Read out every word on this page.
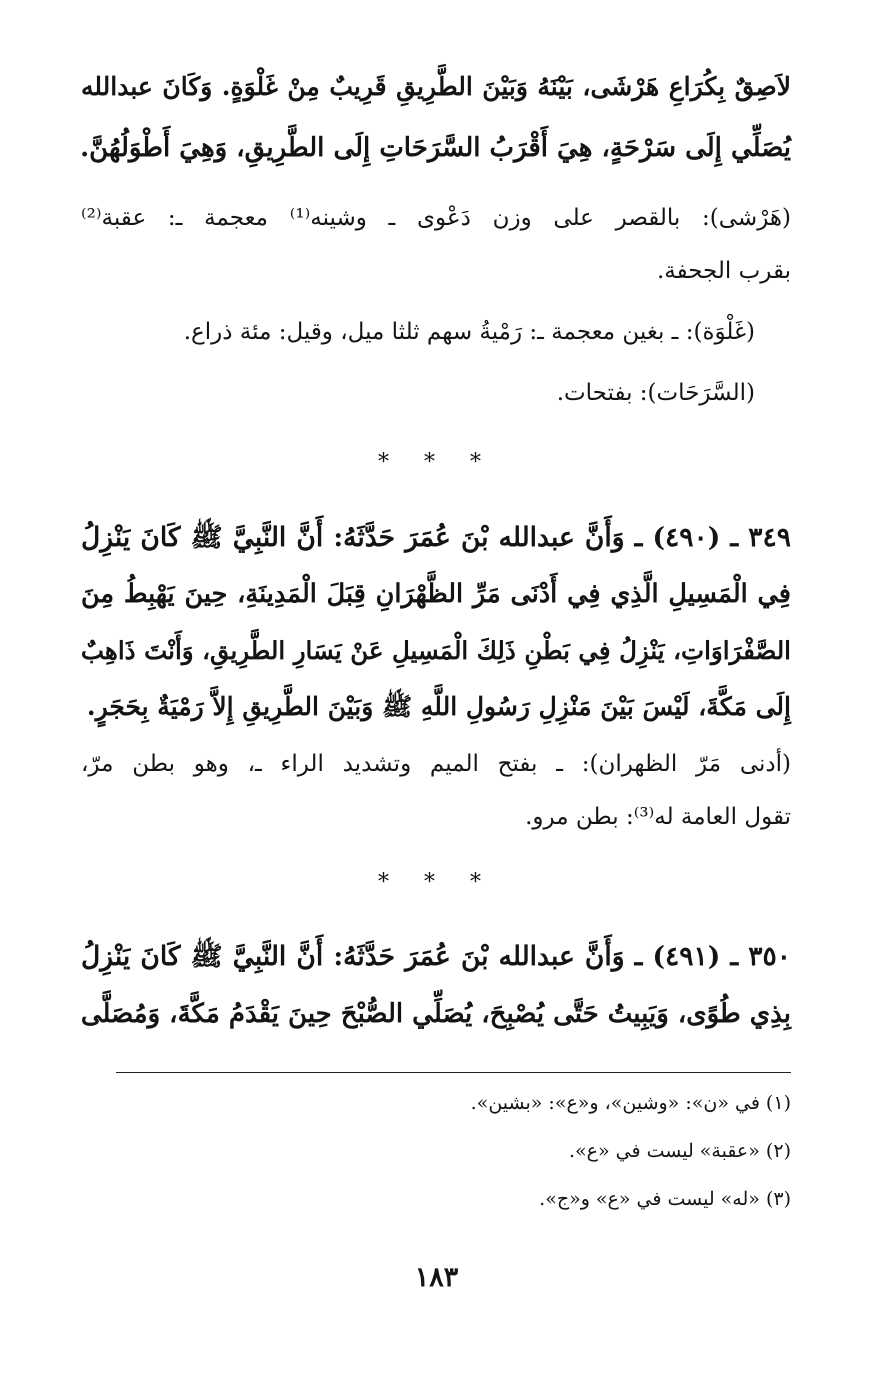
لاَصِقٌ بِكُرَاعِ هَرْشَى، بَيْنَهُ وَبَيْنَ الطَّرِيقِ قَرِيبٌ مِنْ غَلْوَةٍ. وَكَانَ عبدالله
يُصَلِّي إِلَى سَرْحَةٍ، هِيَ أَقْرَبُ السَّرَحَاتِ إِلَى الطَّرِيقِ، وَهِيَ أَطْوَلُهُنَّ.
(هَرْشى): بالقصر على وزن دَعْوى ـ وشينه⁽¹⁾ معجمة ـ: عقبة⁽²⁾
بقرب الجحفة.
(غَلْوَة): ـ بغين معجمة ـ: رَمْيةُ سهم ثلثا ميل، وقيل: مئة ذراع.
(السَّرَحَات): بفتحات.
* * *
٣٤٩ ـ (٤٩٠) ـ وَأَنَّ عبدالله بْنَ عُمَرَ حَدَّثَهُ: أَنَّ النَّبِيَّ ﷺ كَانَ يَنْزِلُ
فِي الْمَسِيلِ الَّذِي فِي أَدْنَى مَرِّ الظَّهْرَانِ قِبَلَ الْمَدِينَةِ، حِينَ يَهْبِطُ مِنَ
الصَّفْرَاوَاتِ، يَنْزِلُ فِي بَطْنِ ذَلِكَ الْمَسِيلِ عَنْ يَسَارِ الطَّرِيقِ، وَأَنْتَ ذَاهِبٌ
إِلَى مَكَّةَ، لَيْسَ بَيْنَ مَنْزِلِ رَسُولِ اللَّهِ ﷺ وَبَيْنَ الطَّرِيقِ إِلاَّ رَمْيَةٌ بِحَجَرٍ.
(أدنى مَرّ الظهران): ـ بفتح الميم وتشديد الراء ـ، وهو بطن مرّ،
تقول العامة له⁽³⁾: بطن مرو.
* * *
٣٥٠ ـ (٤٩١) ـ وَأَنَّ عبدالله بْنَ عُمَرَ حَدَّثَهُ: أَنَّ النَّبِيَّ ﷺ كَانَ يَنْزِلُ
بِذِي طُوًى، وَيَبِيتُ حَتَّى يُصْبِحَ، يُصَلِّي الصُّبْحَ حِينَ يَقْدَمُ مَكَّةَ، وَمُصَلَّى
(١) في «ن»: «وشين»، و«ع»: «بشين».
(٢) «عقبة» ليست في «ع».
(٣) «له» ليست في «ع» و«ج».
١٨٣
